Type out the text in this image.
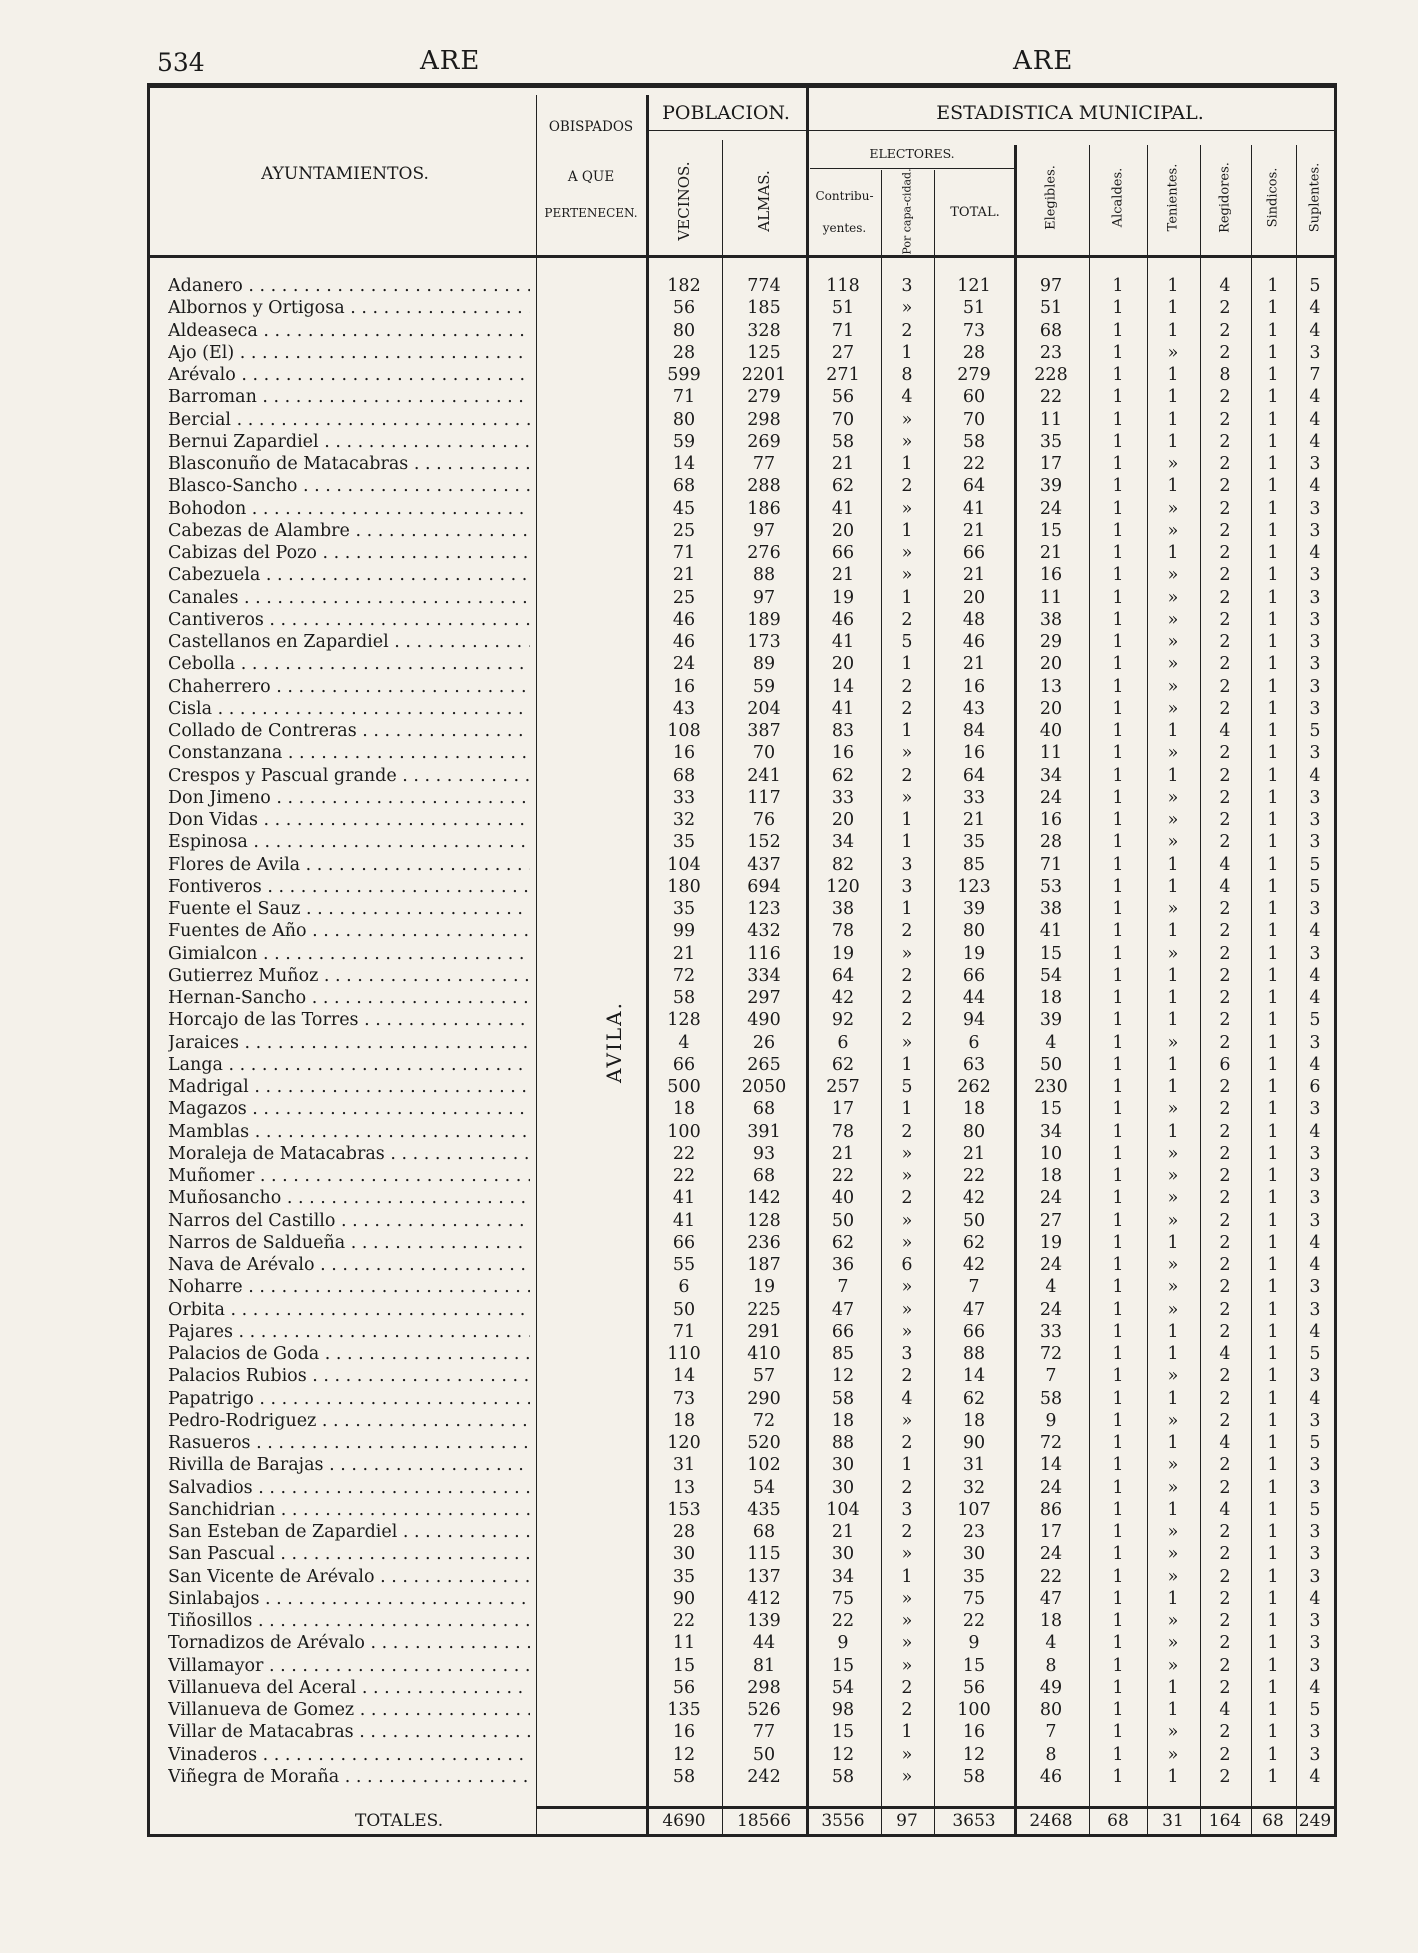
534	ARE	ARE
AYUNTAMIENTOS.
OBISPADOS
A QUE
PERTENECEN.
POBLACION.	ESTADISTICA MUNICIPAL.
ELECTORES.
Contribu-
yentes.
TOTAL.
VECINOS.	ALMAS.	Por capa-cidad.	Elegibles.	Alcaldes.	Tenientes.	Regidores.	Sindicos. Suplentes.
AVILA.
Adanero . . .	182	774	118	3	121	97	1	1	4	1	5
Albornos y Ortigosa . . .	56	185	51	»	51	51	1	1	2	1	4
Aldeaseca . . .	80	328	71	2	73	68	1	1	2	1	4
Ajo (El) . . .	28	125	27	1	28	23	1	»	2	1	3
Arévalo . . .	599	2201	271	8	279	228	1	1	8	1	7
Barroman . . .	71	279	56	4	60	22	1	1	2	1	4
Bercial . . .	80	298	70	»	70	11	1	1	2	1	4
Bernui Zapardiel . . .	59	269	58	»	58	35	1	1	2	1	4
Blasconuño de Matacabras . . .	14	77	21	1	22	17	1	»	2	1	3
Blasco-Sancho . . .	68	288	62	2	64	39	1	1	2	1	4
Bohodon . . .	45	186	41	»	41	24	1	»	2	1	3
Cabezas de Alambre . . .	25	97	20	1	21	15	1	»	2	1	3
Cabizas del Pozo . . .	71	276	66	»	66	21	1	1	2	1	4
Cabezuela . . .	21	88	21	»	21	16	1	»	2	1	3
Canales . . .	25	97	19	1	20	11	1	»	2	1	3
Cantiveros . . .	46	189	46	2	48	38	1	»	2	1	3
Castellanos en Zapardiel . . .	46	173	41	5	46	29	1	»	2	1	3
Cebolla . . .	24	89	20	1	21	20	1	»	2	1	3
Chaherrero . . .	16	59	14	2	16	13	1	»	2	1	3
Cisla . . .	43	204	41	2	43	20	1	»	2	1	3
Collado de Contreras . . .	108	387	83	1	84	40	1	1	4	1	5
Constanzana . . .	16	70	16	»	16	11	1	»	2	1	3
Crespos y Pascual grande . . .	68	241	62	2	64	34	1	1	2	1	4
Don Jimeno . . .	33	117	33	»	33	24	1	»	2	1	3
Don Vidas . . .	32	76	20	1	21	16	1	»	2	1	3
Espinosa . . .	35	152	34	1	35	28	1	»	2	1	3
Flores de Avila . . .	104	437	82	3	85	71	1	1	4	1	5
Fontiveros . . .	180	694	120	3	123	53	1	1	4	1	5
Fuente el Sauz . . .	35	123	38	1	39	38	1	»	2	1	3
Fuentes de Año . . .	99	432	78	2	80	41	1	1	2	1	4
Gimialcon . . .	21	116	19	»	19	15	1	»	2	1	3
Gutierrez Muñoz . . .	72	334	64	2	66	54	1	1	2	1	4
Hernan-Sancho . . .	58	297	42	2	44	18	1	1	2	1	4
Horcajo de las Torres . . .	128	490	92	2	94	39	1	1	2	1	5
Jaraices . . .	4	26	6	»	6	4	1	»	2	1	3
Langa . . .	66	265	62	1	63	50	1	1	6	1	4
Madrigal . . .	500	2050	257	5	262	230	1	1	2	1	6
Magazos . . .	18	68	17	1	18	15	1	»	2	1	3
Mamblas . . .	100	391	78	2	80	34	1	1	2	1	4
Moraleja de Matacabras . . .	22	93	21	»	21	10	1	»	2	1	3
Muñomer . . .	22	68	22	»	22	18	1	»	2	1	3
Muñosancho . . .	41	142	40	2	42	24	1	»	2	1	3
Narros del Castillo . . .	41	128	50	»	50	27	1	»	2	1	3
Narros de Saldueña . . .	66	236	62	»	62	19	1	1	2	1	4
Nava de Arévalo . . .	55	187	36	6	42	24	1	»	2	1	4
Noharre . . .	6	19	7	»	7	4	1	»	2	1	3
Orbita . . .	50	225	47	»	47	24	1	»	2	1	3
Pajares . . .	71	291	66	»	66	33	1	1	2	1	4
Palacios de Goda . . .	110	410	85	3	88	72	1	1	4	1	5
Palacios Rubios . . .	14	57	12	2	14	7	1	»	2	1	3
Papatrigo . . .	73	290	58	4	62	58	1	1	2	1	4
Pedro-Rodriguez . . .	18	72	18	»	18	9	1	»	2	1	3
Rasueros . . .	120	520	88	2	90	72	1	1	4	1	5
Rivilla de Barajas . . .	31	102	30	1	31	14	1	»	2	1	3
Salvadios . . .	13	54	30	2	32	24	1	»	2	1	3
Sanchidrian . . .	153	435	104	3	107	86	1	1	4	1	5
San Esteban de Zapardiel . . .	28	68	21	2	23	17	1	»	2	1	3
San Pascual . . .	30	115	30	»	30	24	1	»	2	1	3
San Vicente de Arévalo . . .	35	137	34	1	35	22	1	»	2	1	3
Sinlabajos . . .	90	412	75	»	75	47	1	1	2	1	4
Tiñosillos . . .	22	139	22	»	22	18	1	»	2	1	3
Tornadizos de Arévalo . . .	11	44	9	»	9	4	1	»	2	1	3
Villamayor . . .	15	81	15	»	15	8	1	»	2	1	3
Villanueva del Aceral . . .	56	298	54	2	56	49	1	1	2	1	4
Villanueva de Gomez . . .	135	526	98	2	100	80	1	1	4	1	5
Villar de Matacabras . . .	16	77	15	1	16	7	1	»	2	1	3
Vinaderos . . .	12	50	12	»	12	8	1	»	2	1	3
Viñegra de Moraña . . .	58	242	58	»	58	46	1	1	2	1	4
TOTALES.	4690	18566	3556	97	3653	2468	68	31	164	68 249
